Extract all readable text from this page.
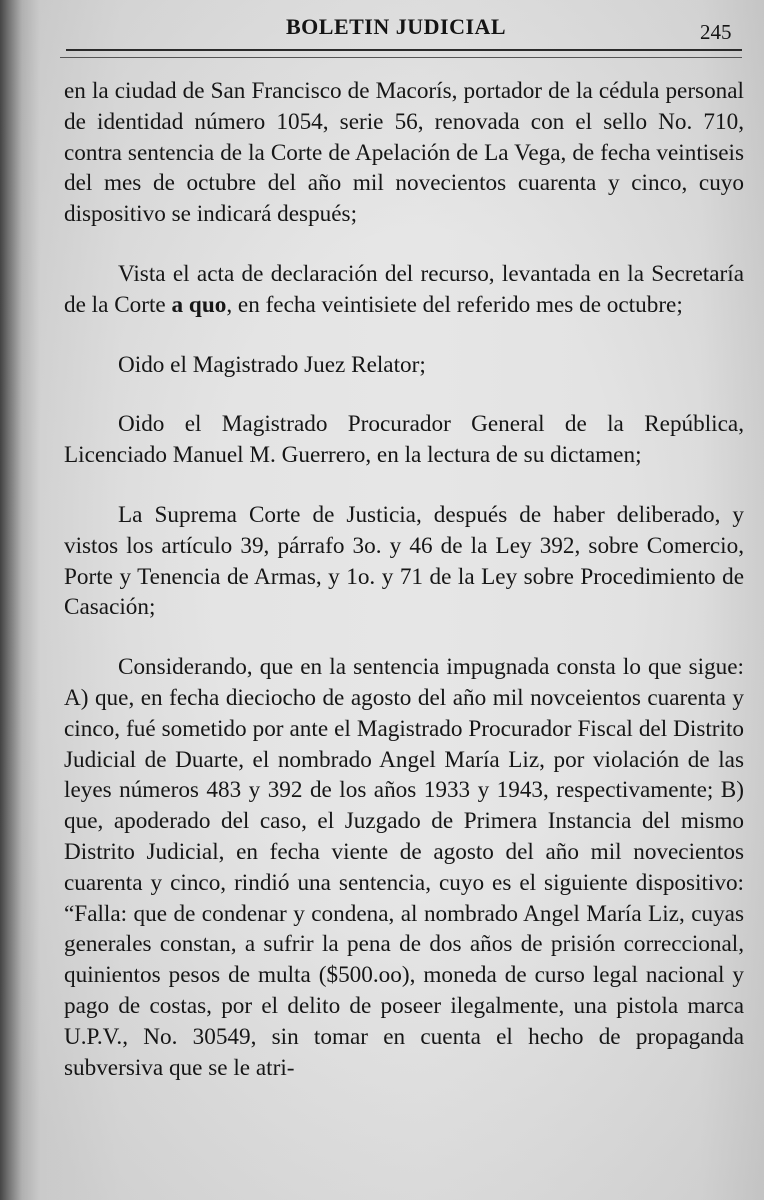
BOLETIN JUDICIAL	245

en la ciudad de San Francisco de Macorís, portador de la cédula personal de identidad número 1054, serie 56, renovada con el sello No. 710, contra sentencia de la Corte de Apelación de La Vega, de fecha veintiseis del mes de octubre del año mil novecientos cuarenta y cinco, cuyo dispositivo se indicará después;

Vista el acta de declaración del recurso, levantada en la Secretaría de la Corte a quo, en fecha veintisiete del referido mes de octubre;

Oido el Magistrado Juez Relator;

Oido el Magistrado Procurador General de la República, Licenciado Manuel M. Guerrero, en la lectura de su dictamen;

La Suprema Corte de Justicia, después de haber deliberado, y vistos los artículo 39, párrafo 3o. y 46 de la Ley 392, sobre Comercio, Porte y Tenencia de Armas, y 1o. y 71 de la Ley sobre Procedimiento de Casación;

Considerando, que en la sentencia impugnada consta lo que sigue: A) que, en fecha dieciocho de agosto del año mil novceientos cuarenta y cinco, fué sometido por ante el Magistrado Procurador Fiscal del Distrito Judicial de Duarte, el nombrado Angel María Liz, por violación de las leyes números 483 y 392 de los años 1933 y 1943, respectivamente; B) que, apoderado del caso, el Juzgado de Primera Instancia del mismo Distrito Judicial, en fecha viente de agosto del año mil novecientos cuarenta y cinco, rindió una sentencia, cuyo es el siguiente dispositivo: “Falla: que de condenar y condena, al nombrado Angel María Liz, cuyas generales constan, a sufrir la pena de dos años de prisión correccional, quinientos pesos de multa ($500.oo), moneda de curso legal nacional y pago de costas, por el delito de poseer ilegalmente, una pistola marca U.P.V., No. 30549, sin tomar en cuenta el hecho de propaganda subversiva que se le atri-
